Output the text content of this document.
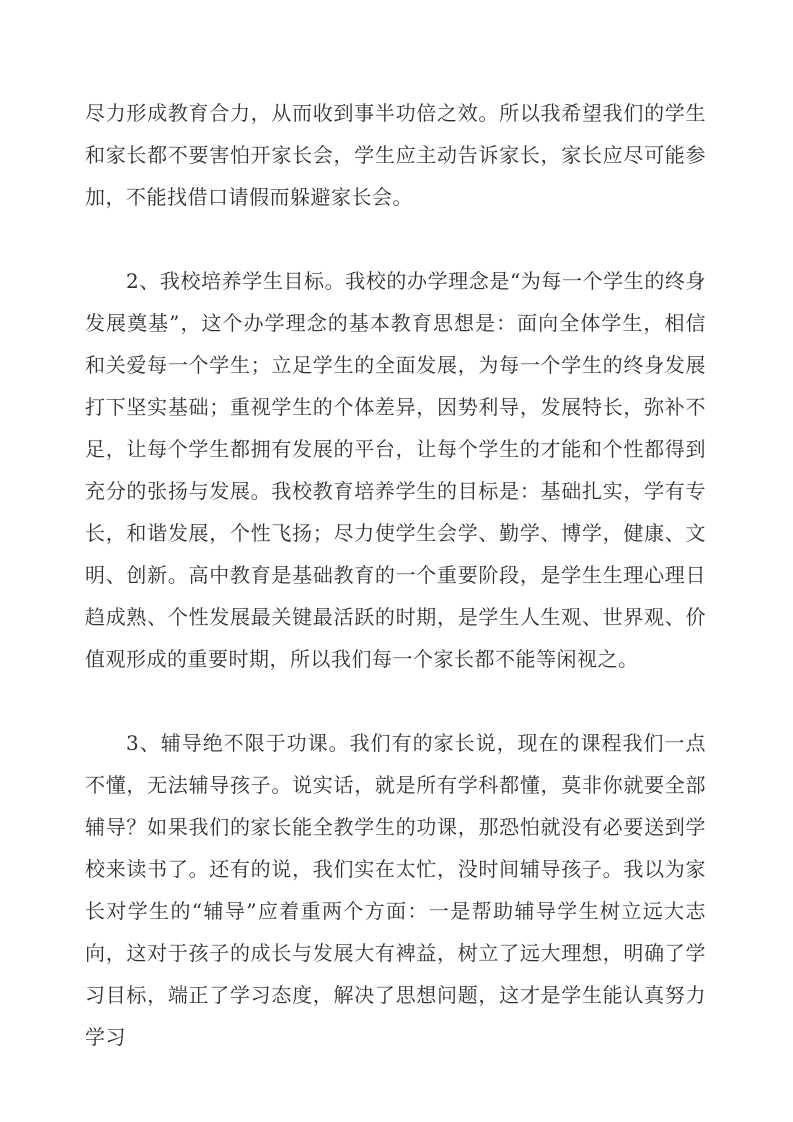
尽力形成教育合力，从而收到事半功倍之效。所以我希望我们的学生和家长都不要害怕开家长会，学生应主动告诉家长，家长应尽可能参加，不能找借口请假而躲避家长会。

2、我校培养学生目标。我校的办学理念是“为每一个学生的终身发展奠基”，这个办学理念的基本教育思想是：面向全体学生，相信和关爱每一个学生；立足学生的全面发展，为每一个学生的终身发展打下坚实基础；重视学生的个体差异，因势利导，发展特长，弥补不足，让每个学生都拥有发展的平台，让每个学生的才能和个性都得到充分的张扬与发展。我校教育培养学生的目标是：基础扎实，学有专长，和谐发展，个性飞扬；尽力使学生会学、勤学、博学，健康、文明、创新。高中教育是基础教育的一个重要阶段，是学生生理心理日趋成熟、个性发展最关键最活跃的时期，是学生人生观、世界观、价值观形成的重要时期，所以我们每一个家长都不能等闲视之。

3、辅导绝不限于功课。我们有的家长说，现在的课程我们一点不懂，无法辅导孩子。说实话，就是所有学科都懂，莫非你就要全部辅导？如果我们的家长能全教学生的功课，那恐怕就没有必要送到学校来读书了。还有的说，我们实在太忙，没时间辅导孩子。我以为家长对学生的“辅导”应着重两个方面：一是帮助辅导学生树立远大志向，这对于孩子的成长与发展大有裨益，树立了远大理想，明确了学习目标，端正了学习态度，解决了思想问题，这才是学生能认真努力学习
